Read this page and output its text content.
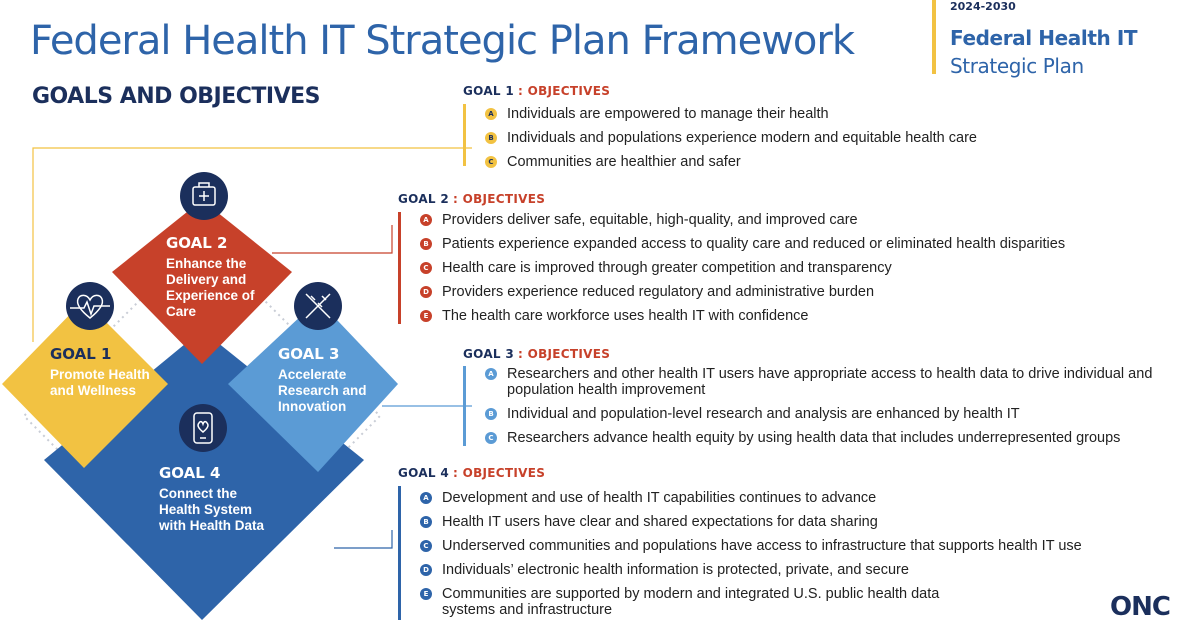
Federal Health IT Strategic Plan Framework
GOALS AND OBJECTIVES
2024-2030
Federal Health IT
Strategic Plan
GOAL 2
Enhance the Delivery and Experience of Care
GOAL 1
Promote Health and Wellness
GOAL 3
Accelerate Research and Innovation
GOAL 4
Connect the Health System with Health Data
GOAL 1 : OBJECTIVES
A Individuals are empowered to manage their health
B Individuals and populations experience modern and equitable health care
C Communities are healthier and safer
GOAL 2 : OBJECTIVES
A Providers deliver safe, equitable, high-quality, and improved care
B Patients experience expanded access to quality care and reduced or eliminated health disparities
C Health care is improved through greater competition and transparency
D Providers experience reduced regulatory and administrative burden
E The health care workforce uses health IT with confidence
GOAL 3 : OBJECTIVES
A Researchers and other health IT users have appropriate access to health data to drive individual and population health improvement
B Individual and population-level research and analysis are enhanced by health IT
C Researchers advance health equity by using health data that includes underrepresented groups
GOAL 4 : OBJECTIVES
A Development and use of health IT capabilities continues to advance
B Health IT users have clear and shared expectations for data sharing
C Underserved communities and populations have access to infrastructure that supports health IT use
D Individuals’ electronic health information is protected, private, and secure
E Communities are supported by modern and integrated U.S. public health data systems and infrastructure	ONC
